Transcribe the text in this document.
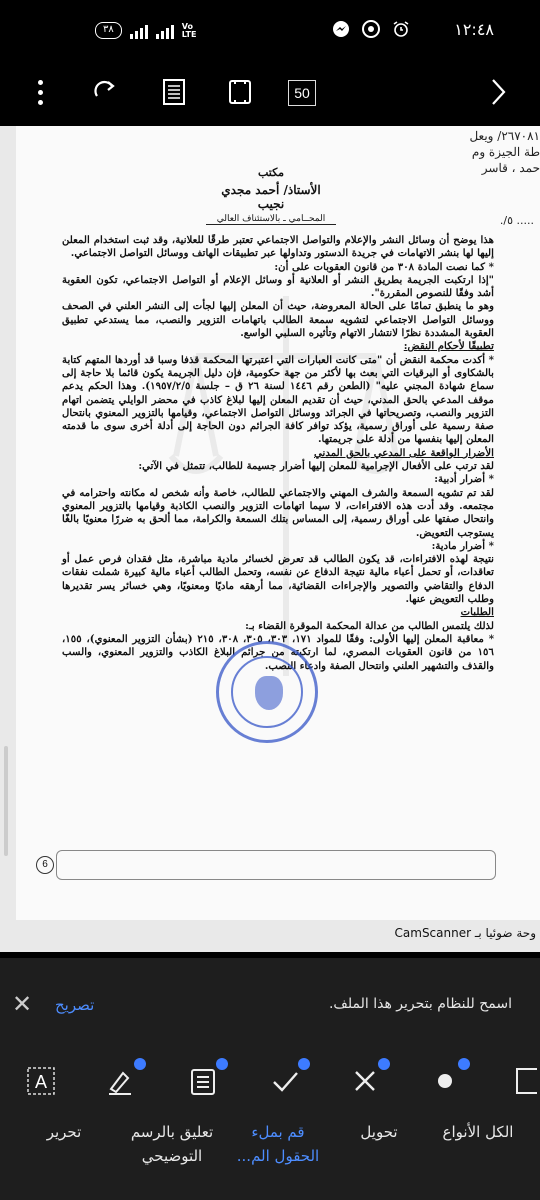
٣٨	Vo LTE	١٢:٤٨
50
مكتب
الأستاذ/ أحمد مجدي نجيب
المحــامي ـ بالاستئناف العالي

هذا يوضح أن وسائل النشر والإعلام والتواصل الاجتماعي تعتبر طرقًا للعلانية، وقد ثبت استخدام المعلن إليها لها بنشر الاتهامات في جريدة الدستور وتداولها عبر تطبيقات الهاتف ووسائل التواصل الاجتماعي.

* كما نصت المادة ٣٠٨ من قانون العقوبات على أن:

"إذا ارتكبت الجريمة بطريق النشر أو العلانية أو وسائل الإعلام أو التواصل الاجتماعي، تكون العقوبة أشد وفقًا للنصوص المقررة".

وهو ما ينطبق تمامًا على الحالة المعروضة، حيث أن المعلن إليها لجأت إلى النشر العلني في الصحف ووسائل التواصل الاجتماعي لتشويه سمعة الطالب باتهامات التزوير والنصب، مما يستدعي تطبيق العقوبة المشددة نظرًا لانتشار الاتهام وتأثيره السلبي الواسع.

تطبيقًا لأحكام النقض:

* أكدت محكمة النقض أن "متى كانت العبارات التي اعتبرتها المحكمة قذفا وسبا قد أوردها المتهم كتابة بالشكاوى أو البرقيات التي بعث بها لأكثر من جهة حكومية، فإن دليل الجريمة يكون قائما بلا حاجة إلى سماع شهادة المجني عليه" (الطعن رقم ١٤٤٦ لسنة ٢٦ ق – جلسة ١٩٥٧/٢/٥). وهذا الحكم يدعم موقف المدعي بالحق المدني، حيث أن تقديم المعلن إليها لبلاغ كاذب في محضر الوايلي يتضمن اتهام التزوير والنصب، وتصريحاتها في الجرائد ووسائل التواصل الاجتماعي، وقيامها بالتزوير المعنوي بانتحال صفة رسمية على أوراق رسمية، يؤكد توافر كافة الجرائم دون الحاجة إلى أدلة أخرى سوى ما قدمته المعلن إليها بنفسها من أدلة على جريمتها.

الأضرار الواقعة على المدعي بالحق المدني

لقد ترتب على الأفعال الإجرامية للمعلن إليها أضرار جسيمة للطالب، تتمثل في الآتي:

* أضرار أدبية:

لقد تم تشويه السمعة والشرف المهني والاجتماعي للطالب، خاصة وأنه شخص له مكانته واحترامه في مجتمعه. وقد أدت هذه الافتراءات، لا سيما اتهامات التزوير والنصب الكاذبة وقيامها بالتزوير المعنوي وانتحال صفتها على أوراق رسمية، إلى المساس بتلك السمعة والكرامة، مما ألحق به ضررًا معنويًا بالغًا يستوجب التعويض.

* أضرار مادية:

نتيجة لهذه الافتراءات، قد يكون الطالب قد تعرض لخسائر مادية مباشرة، مثل فقدان فرص عمل أو تعاقدات، أو تحمل أعباء مالية نتيجة الدفاع عن نفسه، وتحمل الطالب أعباء مالية كبيرة شملت نفقات الدفاع والتقاضي والتصوير والإجراءات القضائية، مما أرهقه ماديًا ومعنويًا، وهي خسائر يسر تقديرها وطلب التعويض عنها.

الطلبات

لذلك يلتمس الطالب من عدالة المحكمة الموقرة القضاء بـ:

* معاقبة المعلن إليها الأولى: وفقًا للمواد ١٧١، ٣٠٣، ٣٠٥، ٣٠٨، ٢١٥ (بشأن التزوير المعنوي)، ١٥٥، ١٥٦ من قانون العقوبات المصري، لما ارتكبته من جرائم البلاغ الكاذب والتزوير المعنوي، والسب والقذف والتشهير العلني وانتحال الصفة وادعاء النصب.

6
٢٦٧٠٨١/ ويعل
طة الجيزة وم
حمد ، قاسر
..... ٥/.
وحة ضوئيا بـ CamScanner
✕ تصريح	اسمح للنظام بتحرير هذا الملف.
A
تحرير	تعليق بالرسم التوضيحي
قم بملء الحقول الم...
تحويل	الكل الأنواع
